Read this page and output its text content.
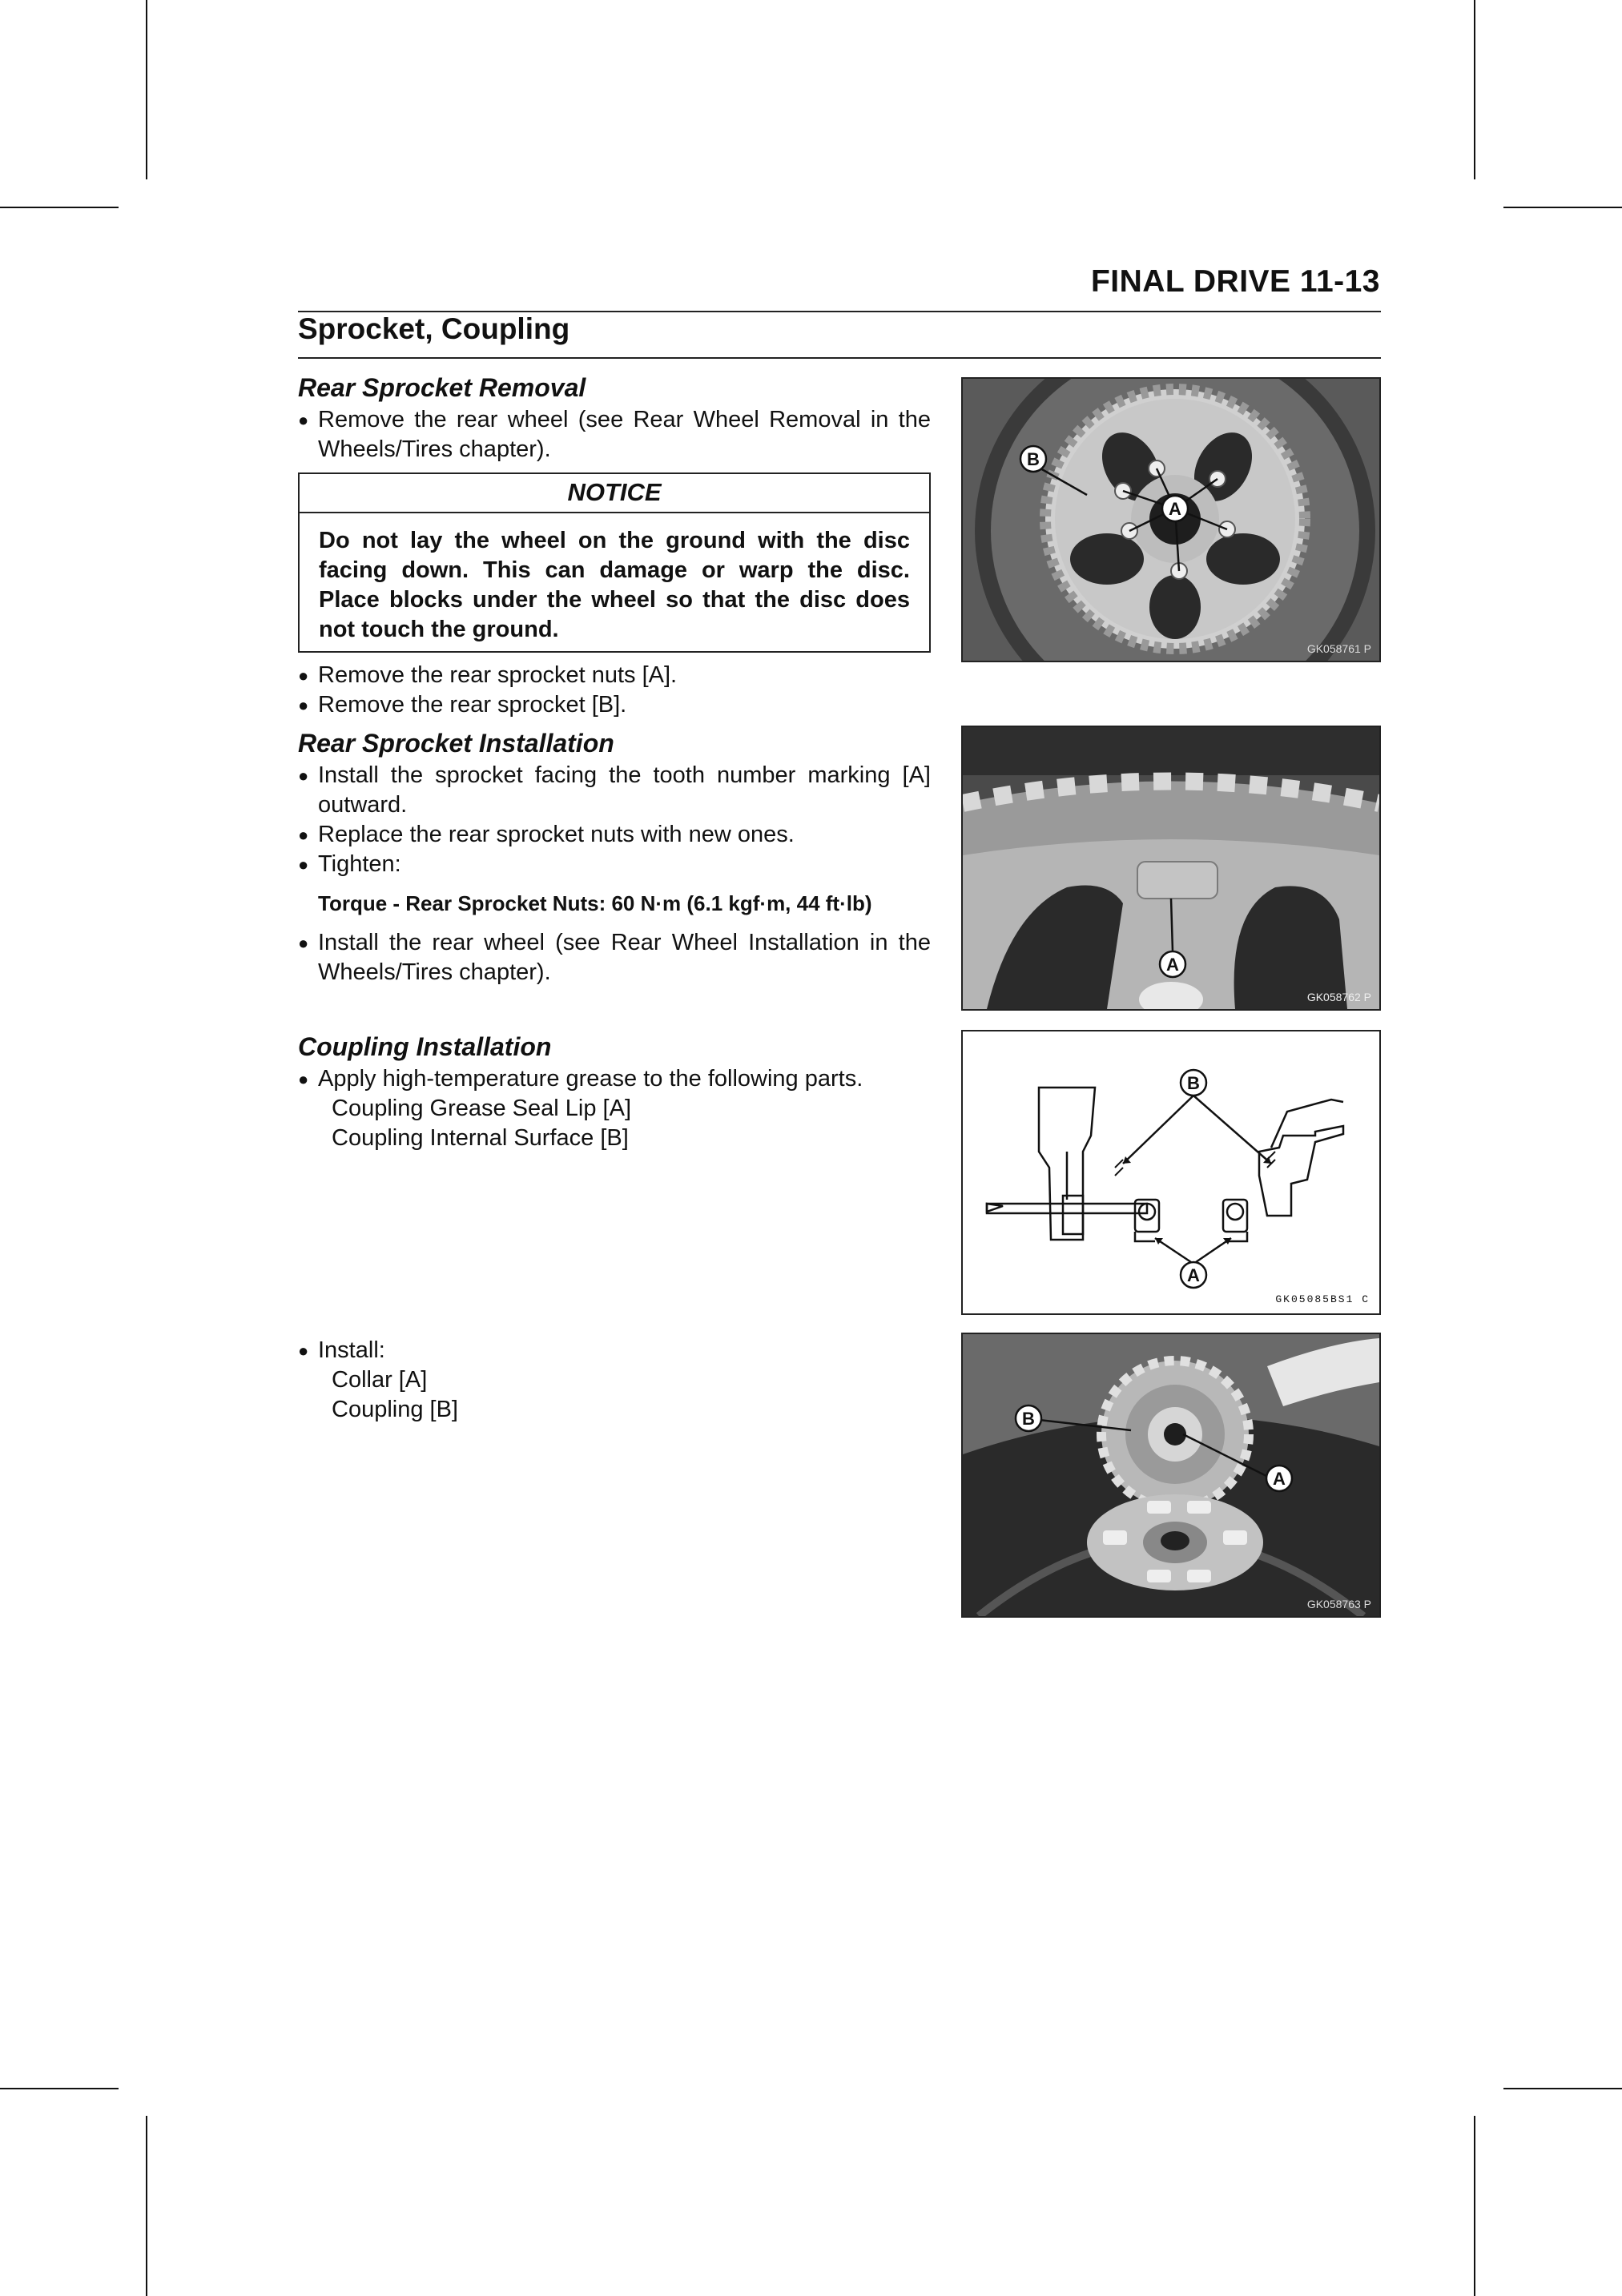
FINAL DRIVE 11-13
Sprocket, Coupling
Rear Sprocket Removal
● Remove the rear wheel (see Rear Wheel Removal in the Wheels/Tires chapter).
NOTICE
Do not lay the wheel on the ground with the disc facing down. This can damage or warp the disc. Place blocks under the wheel so that the disc does not touch the ground.
● Remove the rear sprocket nuts [A].
● Remove the rear sprocket [B].
Rear Sprocket Installation
● Install the sprocket facing the tooth number marking [A] outward.
● Replace the rear sprocket nuts with new ones.
● Tighten:
Torque - Rear Sprocket Nuts: 60 N·m (6.1 kgf·m, 44 ft·lb)
● Install the rear wheel (see Rear Wheel Installation in the Wheels/Tires chapter).
Coupling Installation
● Apply high-temperature grease to the following parts.
Coupling Grease Seal Lip [A]
Coupling Internal Surface [B]
● Install:
Collar [A]
Coupling [B]
A
B
GK058761 P
A
GK058762 P
B
A
GK05085BS1 C
B
A
GK058763 P
